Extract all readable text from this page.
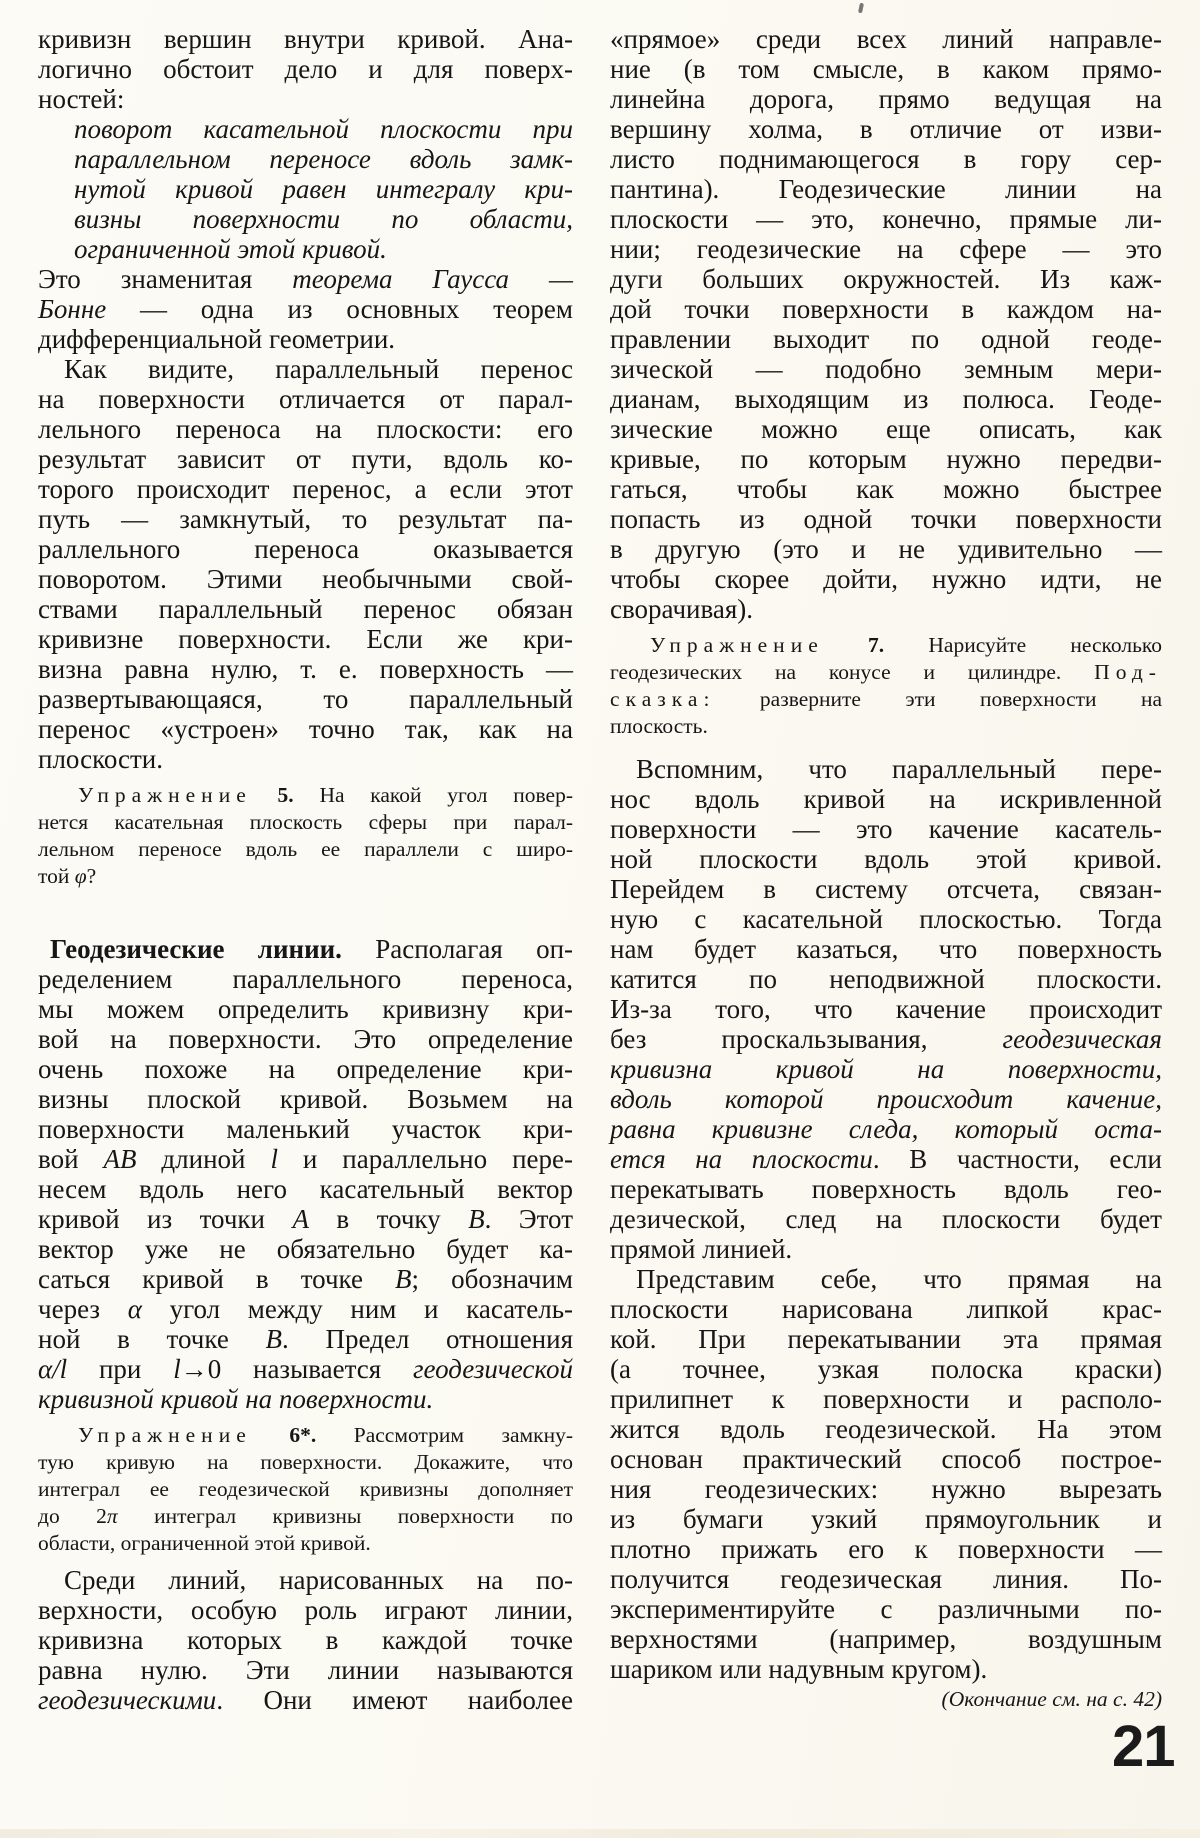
кривизн вершин внутри кривой. Ана-
логично обстоит дело и для поверх-
ностей:
поворот касательной плоскости при
параллельном переносе вдоль замк-
нутой кривой равен интегралу кри-
визны поверхности по области,
ограниченной этой кривой.
Это знаменитая теорема Гаусса —
Бонне — одна из основных теорем
дифференциальной геометрии.
Как видите, параллельный перенос
на поверхности отличается от парал-
лельного переноса на плоскости: его
результат зависит от пути, вдоль ко-
торого происходит перенос, а если этот
путь — замкнутый, то результат па-
раллельного переноса оказывается
поворотом. Этими необычными свой-
ствами параллельный перенос обязан
кривизне поверхности. Если же кри-
визна равна нулю, т. е. поверхность —
развертывающаяся, то параллельный
перенос «устроен» точно так, как на
плоскости.
Упражнение 5. На какой угол повер-
нется касательная плоскость сферы при парал-
лельном переносе вдоль ее параллели с широ-
той φ?
Геодезические линии. Располагая оп-
ределением параллельного переноса,
мы можем определить кривизну кри-
вой на поверхности. Это определение
очень похоже на определение кри-
визны плоской кривой. Возьмем на
поверхности маленький участок кри-
вой AB длиной l и параллельно пере-
несем вдоль него касательный вектор
кривой из точки A в точку B. Этот
вектор уже не обязательно будет ка-
саться кривой в точке B; обозначим
через α угол между ним и касатель-
ной в точке B. Предел отношения
α/l при l→0 называется геодезической
кривизной кривой на поверхности.
Упражнение 6*. Рассмотрим замкну-
тую кривую на поверхности. Докажите, что
интеграл ее геодезической кривизны дополняет
до 2π интеграл кривизны поверхности по
области, ограниченной этой кривой.
Среди линий, нарисованных на по-
верхности, особую роль играют линии,
кривизна которых в каждой точке
равна нулю. Эти линии называются
геодезическими. Они имеют наиболее
«прямое» среди всех линий направле-
ние (в том смысле, в каком прямо-
линейна дорога, прямо ведущая на
вершину холма, в отличие от изви-
листо поднимающегося в гору сер-
пантина). Геодезические линии на
плоскости — это, конечно, прямые ли-
нии; геодезические на сфере — это
дуги больших окружностей. Из каж-
дой точки поверхности в каждом на-
правлении выходит по одной геоде-
зической — подобно земным мери-
дианам, выходящим из полюса. Геоде-
зические можно еще описать, как
кривые, по которым нужно передви-
гаться, чтобы как можно быстрее
попасть из одной точки поверхности
в другую (это и не удивительно —
чтобы скорее дойти, нужно идти, не
сворачивая).
Упражнение 7. Нарисуйте несколько
геодезических на конусе и цилиндре. Под-
сказка: разверните эти поверхности на
плоскость.
Вспомним, что параллельный пере-
нос вдоль кривой на искривленной
поверхности — это качение касатель-
ной плоскости вдоль этой кривой.
Перейдем в систему отсчета, связан-
ную с касательной плоскостью. Тогда
нам будет казаться, что поверхность
катится по неподвижной плоскости.
Из-за того, что качение происходит
без проскальзывания, геодезическая
кривизна кривой на поверхности,
вдоль которой происходит качение,
равна кривизне следа, который оста-
ется на плоскости. В частности, если
перекатывать поверхность вдоль гео-
дезической, след на плоскости будет
прямой линией.
Представим себе, что прямая на
плоскости нарисована липкой крас-
кой. При перекатывании эта прямая
(а точнее, узкая полоска краски)
прилипнет к поверхности и располо-
жится вдоль геодезической. На этом
основан практический способ построе-
ния геодезических: нужно вырезать
из бумаги узкий прямоугольник и
плотно прижать его к поверхности —
получится геодезическая линия. По-
экспериментируйте с различными по-
верхностями (например, воздушным
шариком или надувным кругом).
(Окончание см. на с. 42)
21
